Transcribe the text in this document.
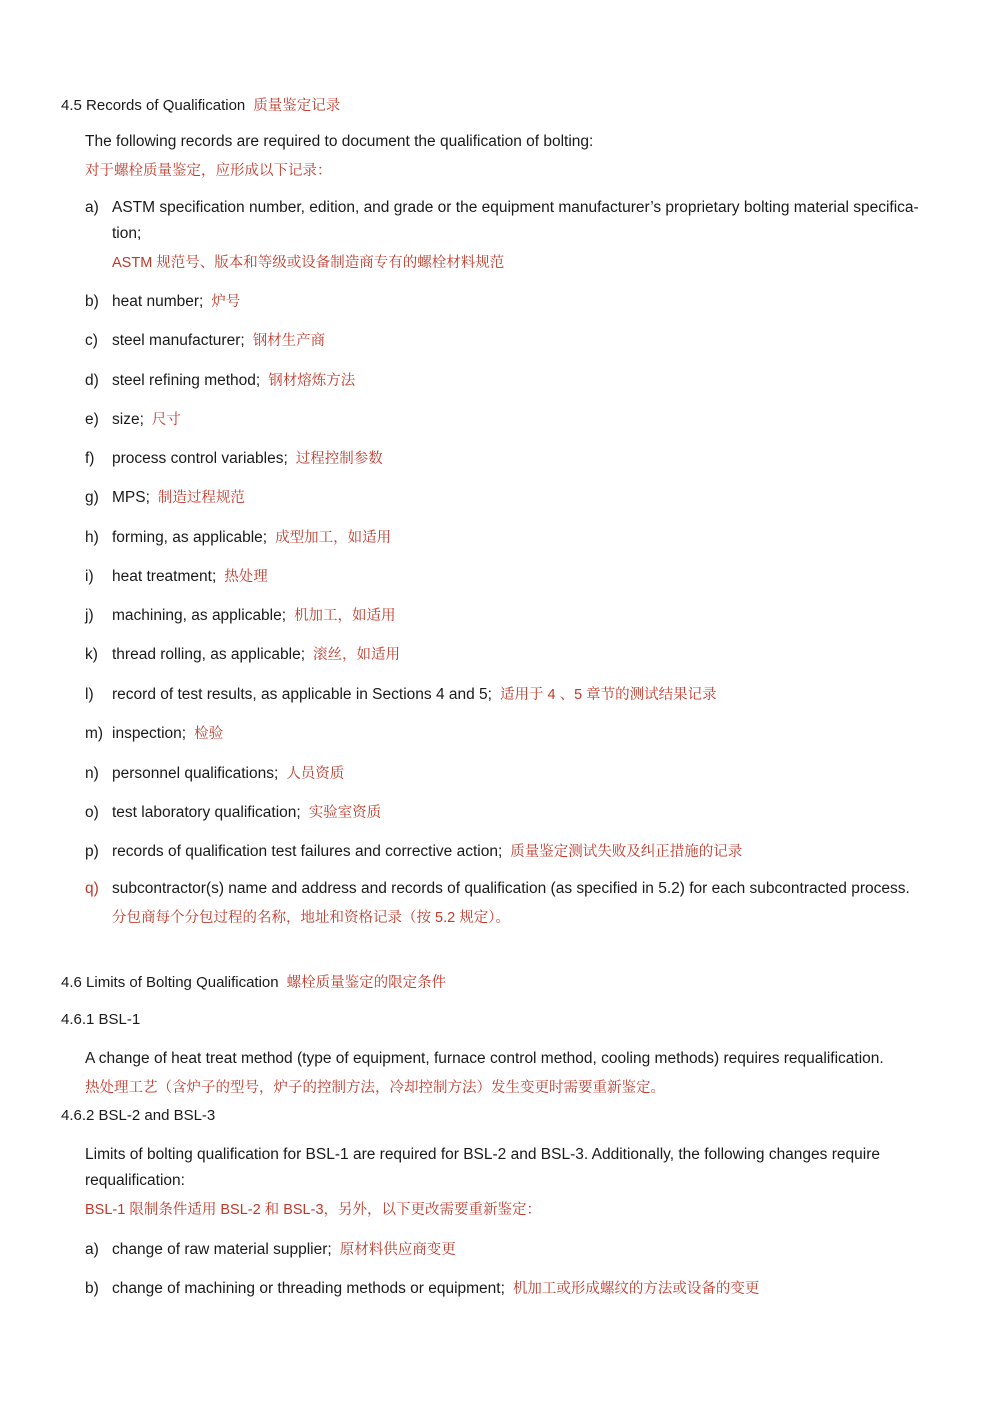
4.5 Records of Qualification 质量鉴定记录
The following records are required to document the qualification of bolting:
对于螺栓质量鉴定，应形成以下记录：
a) ASTM specification number, edition, and grade or the equipment manufacturer’s proprietary bolting material specifica-
tion;
ASTM 规范号、版本和等级或设备制造商专有的螺栓材料规范
b) heat number; 炉号
c) steel manufacturer; 钢材生产商
d) steel refining method; 钢材熔炼方法
e) size; 尺寸
f) process control variables; 过程控制参数
g) MPS; 制造过程规范
h) forming, as applicable; 成型加工，如适用
i) heat treatment; 热处理
j) machining, as applicable; 机加工，如适用
k) thread rolling, as applicable; 滚丝，如适用
l) record of test results, as applicable in Sections 4 and 5; 适用于 4 、5 章节的测试结果记录
m) inspection; 检验
n) personnel qualifications; 人员资质
o) test laboratory qualification; 实验室资质
p) records of qualification test failures and corrective action; 质量鉴定测试失败及纠正措施的记录
q) subcontractor(s) name and address and records of qualification (as specified in 5.2) for each subcontracted process.
分包商每个分包过程的名称，地址和资格记录（按 5.2 规定）。
4.6 Limits of Bolting Qualification 螺栓质量鉴定的限定条件
4.6.1 BSL-1
A change of heat treat method (type of equipment, furnace control method, cooling methods) requires requalification.
热处理工艺（含炉子的型号，炉子的控制方法，冷却控制方法）发生变更时需要重新鉴定。
4.6.2 BSL-2 and BSL-3
Limits of bolting qualification for BSL-1 are required for BSL-2 and BSL-3. Additionally, the following changes require
requalification:
BSL-1 限制条件适用 BSL-2 和 BSL-3，另外，以下更改需要重新鉴定：
a) change of raw material supplier; 原材料供应商变更
b) change of machining or threading methods or equipment; 机加工或形成螺纹的方法或设备的变更
